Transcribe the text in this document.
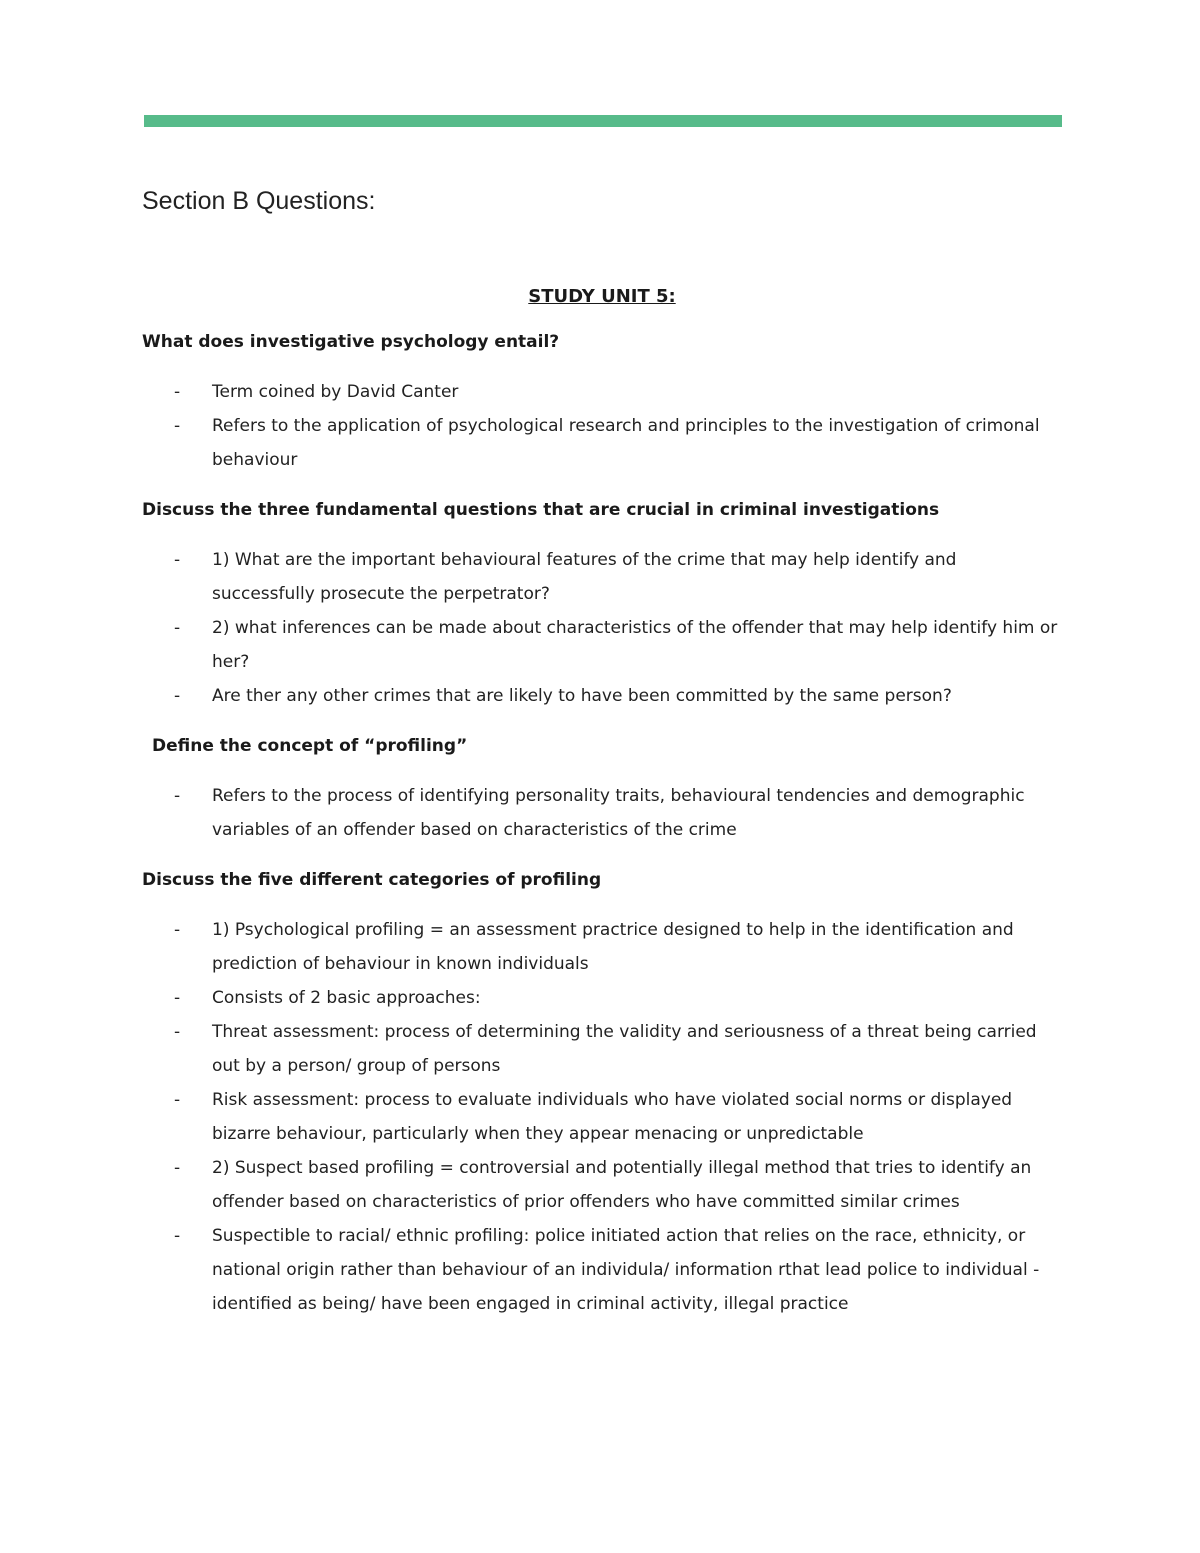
Section B Questions:
STUDY UNIT 5:
What does investigative psychology entail?
- Term coined by David Canter
- Refers to the application of psychological research and principles to the investigation of crimonal behaviour
Discuss the three fundamental questions that are crucial in criminal investigations
- 1) What are the important behavioural features of the crime that may help identify and successfully prosecute the perpetrator?
- 2) what inferences can be made about characteristics of the offender that may help identify him or her?
- Are ther any other crimes that are likely to have been committed by the same person?
Define the concept of “profiling”
- Refers to the process of identifying personality traits, behavioural tendencies and demographic variables of an offender based on characteristics of the crime
Discuss the five different categories of profiling
- 1) Psychological profiling = an assessment practrice designed to help in the identification and prediction of behaviour in known individuals
- Consists of 2 basic approaches:
- Threat assessment: process of determining the validity and seriousness of a threat being carried out by a person/ group of persons
- Risk assessment: process to evaluate individuals who have violated social norms or displayed bizarre behaviour, particularly when they appear menacing or unpredictable
- 2) Suspect based profiling = controversial and potentially illegal method that tries to identify an offender based on characteristics of prior offenders who have committed similar crimes
- Suspectible to racial/ ethnic profiling: police initiated action that relies on the race, ethnicity, or national origin rather than behaviour of an individula/ information rthat lead police to individual - identified as being/ have been engaged in criminal activity, illegal practice
